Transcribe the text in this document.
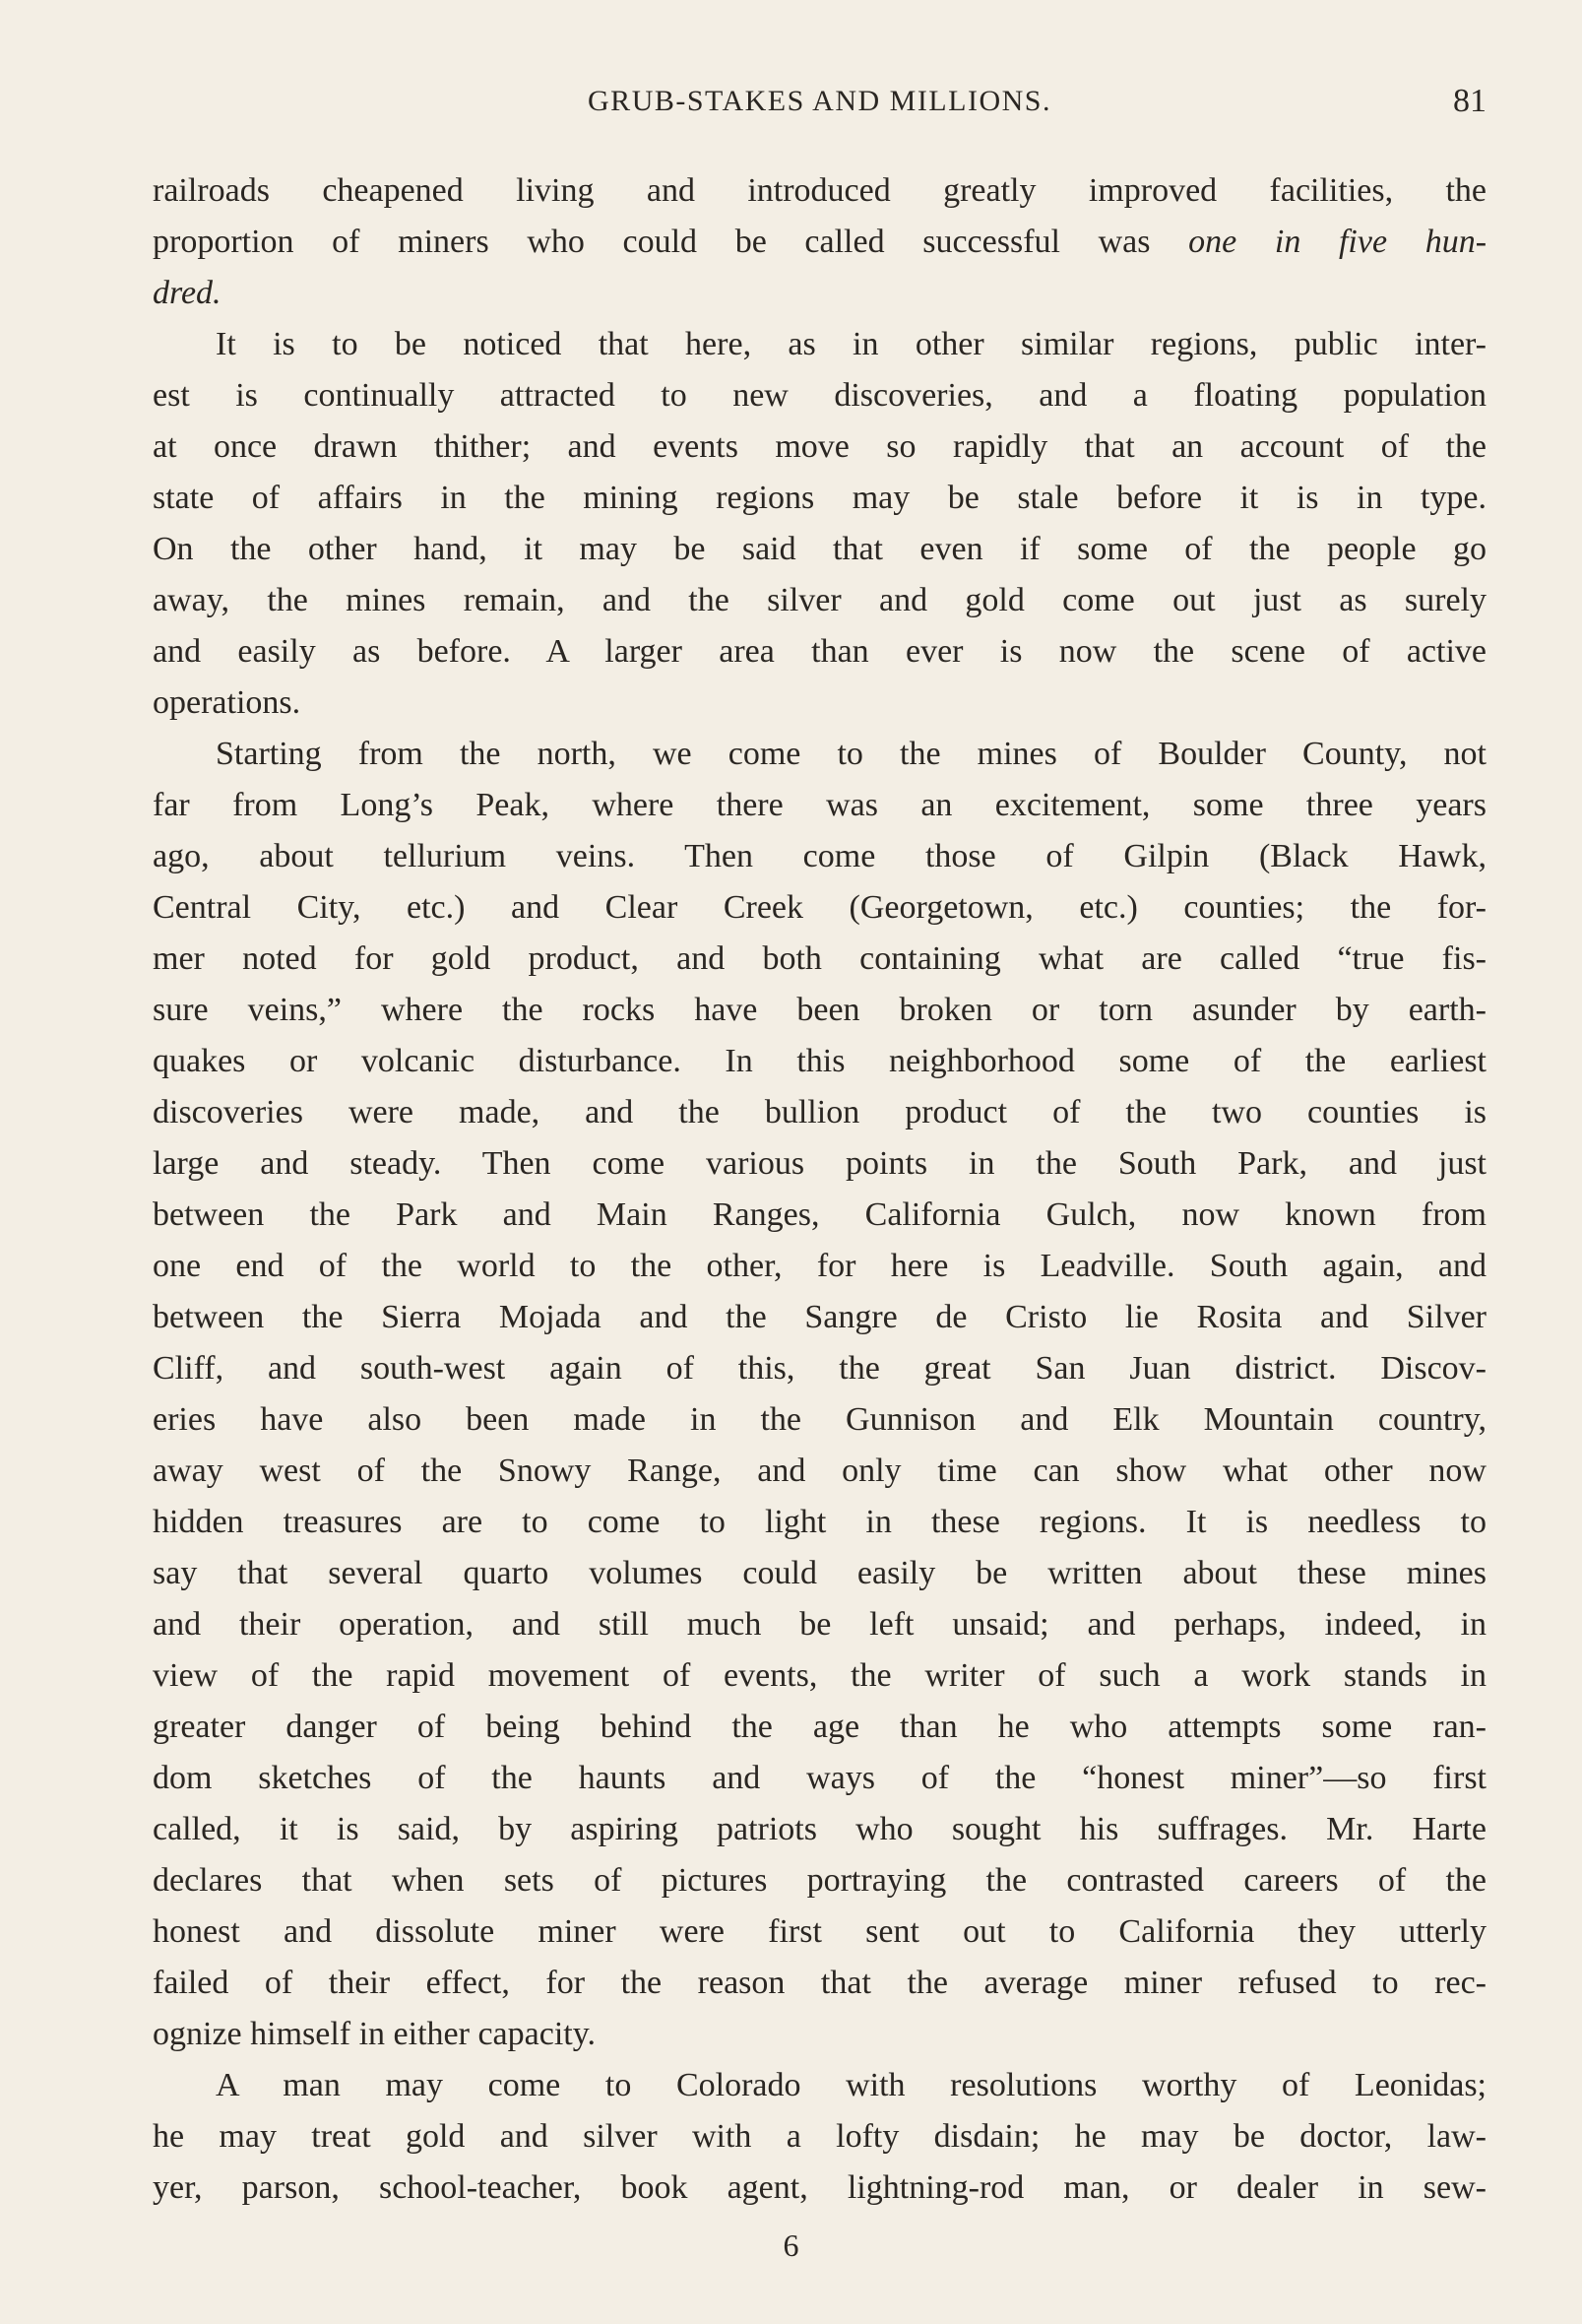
GRUB-STAKES AND MILLIONS.	81
railroads cheapened living and introduced greatly improved facilities, the
proportion of miners who could be called successful was one in five hun-
dred.
It is to be noticed that here, as in other similar regions, public inter-
est is continually attracted to new discoveries, and a floating population
at once drawn thither; and events move so rapidly that an account of the
state of affairs in the mining regions may be stale before it is in type.
On the other hand, it may be said that even if some of the people go
away, the mines remain, and the silver and gold come out just as surely
and easily as before. A larger area than ever is now the scene of active
operations.
Starting from the north, we come to the mines of Boulder County, not
far from Long’s Peak, where there was an excitement, some three years
ago, about tellurium veins. Then come those of Gilpin (Black Hawk,
Central City, etc.) and Clear Creek (Georgetown, etc.) counties; the for-
mer noted for gold product, and both containing what are called “true fis-
sure veins,” where the rocks have been broken or torn asunder by earth-
quakes or volcanic disturbance. In this neighborhood some of the earliest
discoveries were made, and the bullion product of the two counties is
large and steady. Then come various points in the South Park, and just
between the Park and Main Ranges, California Gulch, now known from
one end of the world to the other, for here is Leadville. South again, and
between the Sierra Mojada and the Sangre de Cristo lie Rosita and Silver
Cliff, and south-west again of this, the great San Juan district. Discov-
eries have also been made in the Gunnison and Elk Mountain country,
away west of the Snowy Range, and only time can show what other now
hidden treasures are to come to light in these regions. It is needless to
say that several quarto volumes could easily be written about these mines
and their operation, and still much be left unsaid; and perhaps, indeed, in
view of the rapid movement of events, the writer of such a work stands in
greater danger of being behind the age than he who attempts some ran-
dom sketches of the haunts and ways of the “honest miner”—so first
called, it is said, by aspiring patriots who sought his suffrages. Mr. Harte
declares that when sets of pictures portraying the contrasted careers of the
honest and dissolute miner were first sent out to California they utterly
failed of their effect, for the reason that the average miner refused to rec-
ognize himself in either capacity.
A man may come to Colorado with resolutions worthy of Leonidas;
he may treat gold and silver with a lofty disdain; he may be doctor, law-
yer, parson, school-teacher, book agent, lightning-rod man, or dealer in sew-
6
